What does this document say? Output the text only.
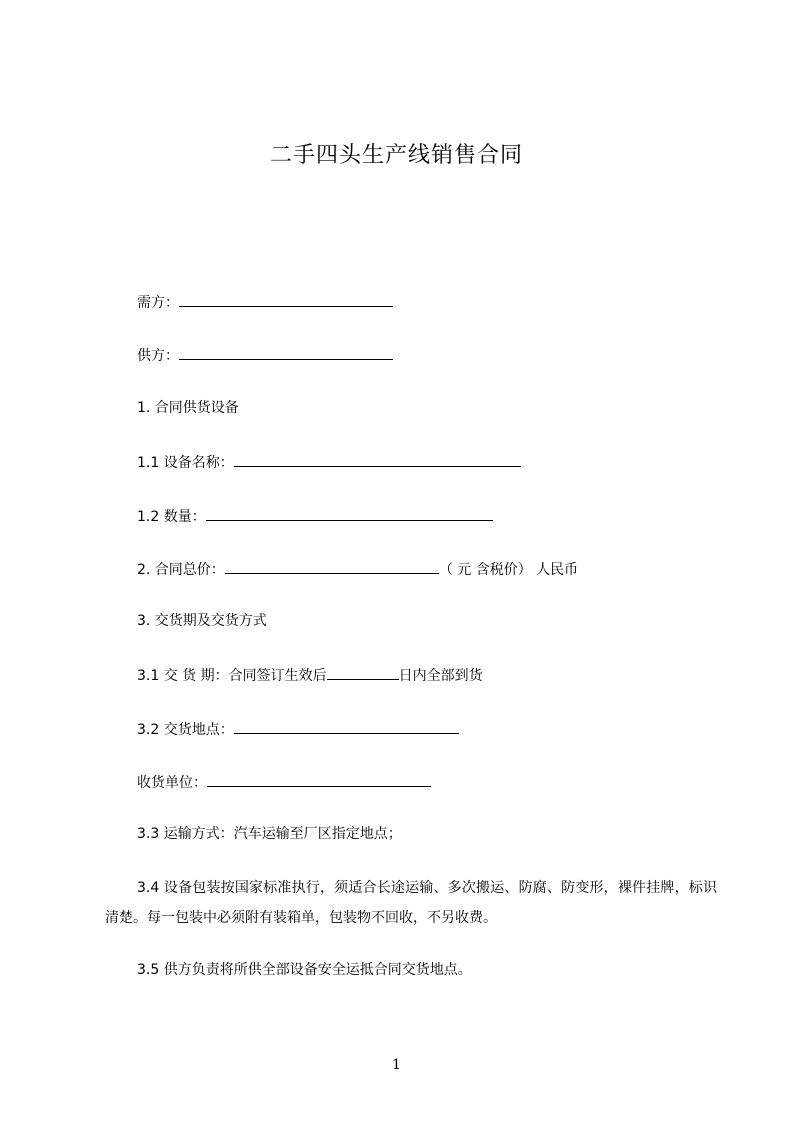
二手四头生产线销售合同
需方：
供方：
1. 合同供货设备
1.1 设备名称：
1.2 数量：
2. 合同总价：	（ 元 含税价） 人民币
3. 交货期及交货方式
3.1 交 货 期：合同签订生效后	日内全部到货
3.2 交货地点：
收货单位：
3.3 运输方式：汽车运输至厂区指定地点；
3.4 设备包装按国家标准执行，须适合长途运输、多次搬运、防腐、防变形，裸件挂牌，标识清楚。每一包装中必须附有装箱单，包装物不回收，不另收费。
3.5 供方负责将所供全部设备安全运抵合同交货地点。
1
